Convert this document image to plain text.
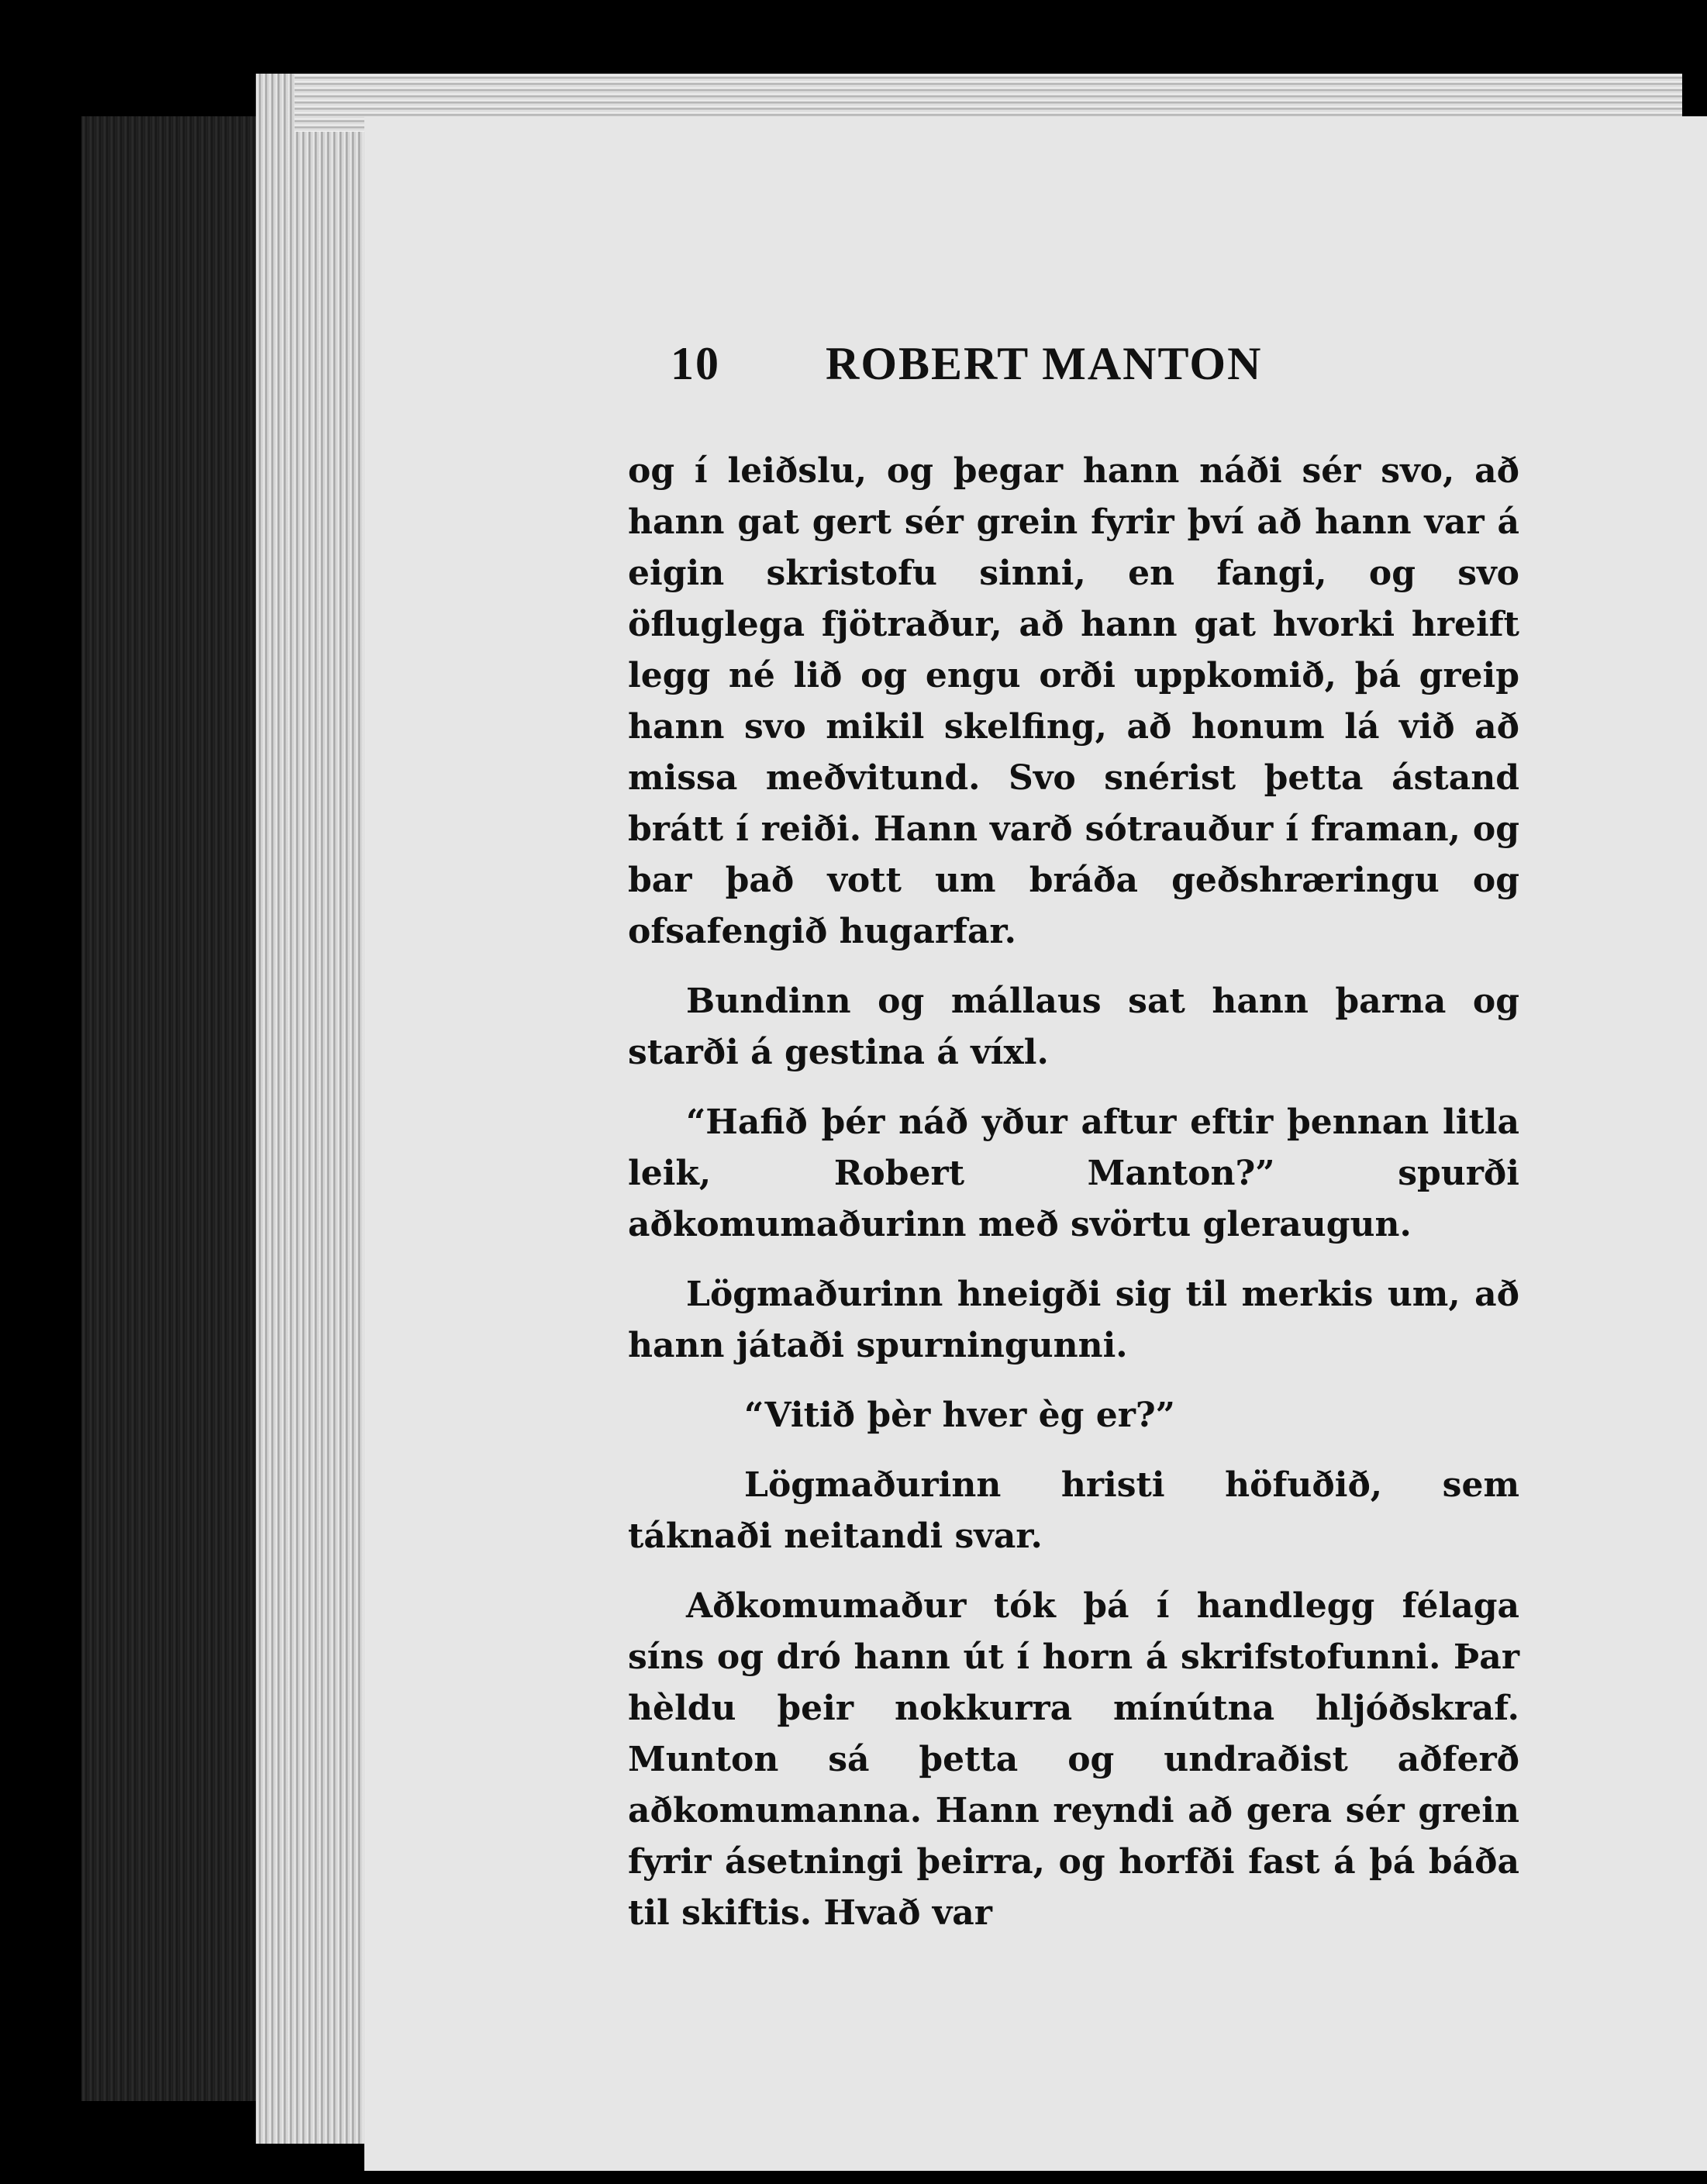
10 ROBERT MANTON

og í leiðslu, og þegar hann náði sér svo, að hann gat gert sér grein fyrir því að hann var á eigin skristofu sinni, en fangi, og svo öfluglega fjötraður, að hann gat hvorki hreift legg né lið og engu orði uppkomið, þá greip hann svo mikil skelfing, að honum lá við að missa meðvitund. Svo snérist þetta ástand brátt í reiði. Hann varð sótrauður í framan, og bar það vott um bráða geðshræringu og ofsafengið hugarfar.

Bundinn og mállaus sat hann þarna og starði á gestina á víxl.

“Hafið þér náð yður aftur eftir þennan litla leik, Robert Manton?” spurði aðkomumaðurinn með svörtu gleraugun.

Lögmaðurinn hneigði sig til merkis um, að hann játaði spurningunni.

“Vitið þèr hver èg er?”

Lögmaðurinn hristi höfuðið, sem táknaði neitandi svar.

Aðkomumaður tók þá í handlegg félaga síns og dró hann út í horn á skrifstofunni. Þar hèldu þeir nokkurra mínútna hljóðskraf. Munton sá þetta og undraðist aðferð aðkomumanna. Hann reyndi að gera sér grein fyrir ásetningi þeirra, og horfði fast á þá báða til skiftis. Hvað var
